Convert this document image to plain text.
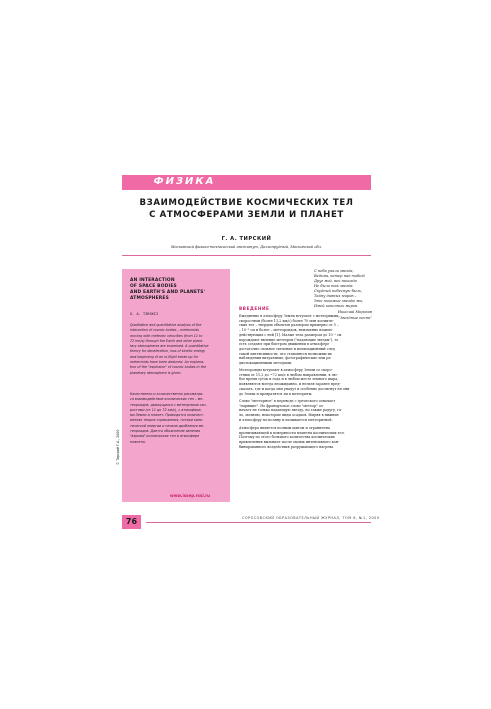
ФИЗИКА
ВЗАИМОДЕЙСТВИЕ КОСМИЧЕСКИХ ТЕЛ
С АТМОСФЕРАМИ ЗЕМЛИ И ПЛАНЕТ
Г. А. ТИРСКИЙ
Московский физико-технический институт, Долгопрудный, Московской обл.
AN INTERACTION
OF SPACE BODIES
AND EARTH'S AND PLANETS'
ATMOSPHERES
G. A. TIRSKII
Qualitative and quantitative analysis of the
interaction of cosmic bodies – meteoroids
moving with meteoric velocities (from 11 to
72 km/s) through the Earth and other plane-
tary atmospheres are examined. A quantitative
theory for deceleration, loss of kinetic energy
and beginning of an in-flight break up for
meteoroids have been deduced. An explana-
tion of the "explosion" of cosmic bodies in the
planetary atmosphere is given.
Качественно и количественно рассматри-
ся взаимодействие космических тел – ме-
теороидов, движущихся с метеорными ско-
ростями (от 11 до 72 км/с), с атмосфера-
ми Земли и планет. Приводятся количест-
венная теория торможения, потери кине-
тической энергии и начала дробления ме-
теороидов. Дается объяснение явления
"взрыва" космических тел в атмосфере
планеты.
www.issep.rssi.ru
© Тирский Г.А., 2000
С неба упала звезда,
Ведьма, ветер над тобой!
Друг мой, век никогда
Не было так звезда.
Скудный небесную быль,
Тайну дивных миров –
Это похожие звезды мы,
Имей конечных миров.
Николай Морозов
"Звездные песни"
ВВЕДЕНИЕ
Ежедневно в атмосферу Земли вступает с метеорными
скоростями (более 11,2 км/с) более 70 млн космиче-
ских тел – твердых объектов размером примерно от 5 –
– 10⁻³ см и более – метеороидов, неизменно взаимо-
действующих с ней [1]. Малые тела размером до 10⁻¹ см
порождают явление метеоров ("падающие звезды"), то
есть создают при быстром движении в атмосфере
достаточно сильное свечение и ионизационный след
такой интенсивности, что становятся возможны их
наблюдения визуальные, фотографические или ра-
диолокационными методами.
Метеороиды вступают в атмосферу Земли со скоро-
стями от 11,2 до ~72 км/с в любом направлении, в лю-
бое время суток и года и в любом месте земного шара,
появляются всегда неожиданно, и нельзя заранее пред-
сказать, где и когда они упадут и особенно достигнут ли они
до Земли и превратятся ли в метеориты.
Слово "метеорное" в переводе с греческого означает
"парящие". Но французское слово "метеор" оз-
начает не только падающую звезду, но также радугу, га-
ло, молнию, некоторые виды осадков. Ныряя в нижние
и атмосферу по-поляну и называются метеоритной.
Атмосфера является полным щитом и ограничена
пронизывающей к поверхности планеты космических тел.
Поэтому по этого большого количества космических
привлечения вызывает после малых интенсивного кон-
бинированного воздействия разрушающего нагрева
76	СОРОСОВСКИЙ ОБРАЗОВАТЕЛЬНЫЙ ЖУРНАЛ, ТОМ 6, №1, 2000
